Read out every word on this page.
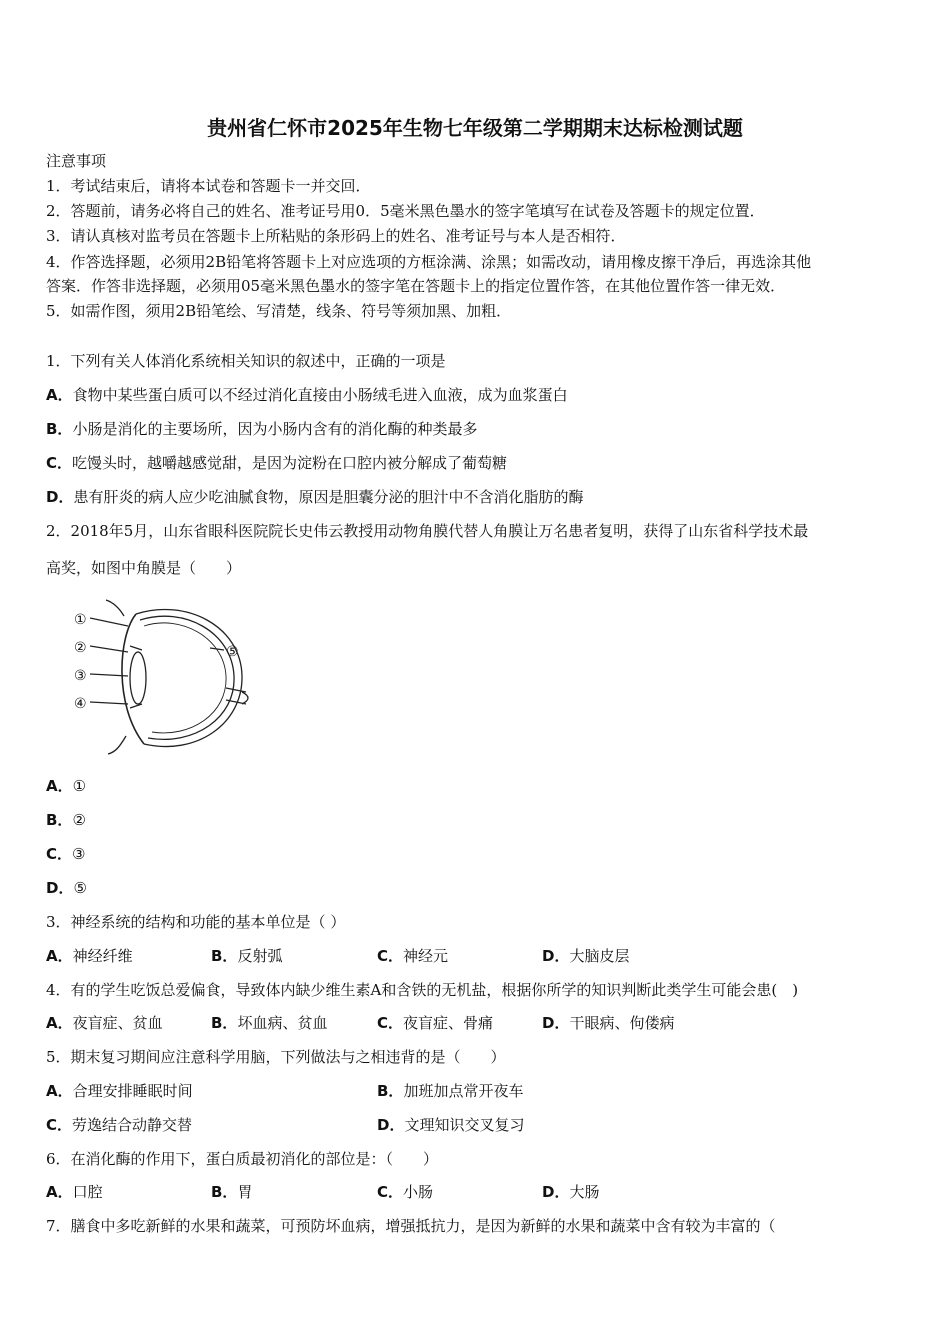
贵州省仁怀市2025年生物七年级第二学期期末达标检测试题
注意事项
1．考试结束后，请将本试卷和答题卡一并交回．
2．答题前，请务必将自己的姓名、准考证号用0．5毫米黑色墨水的签字笔填写在试卷及答题卡的规定位置．
3．请认真核对监考员在答题卡上所粘贴的条形码上的姓名、准考证号与本人是否相符．
4．作答选择题，必须用2B铅笔将答题卡上对应选项的方框涂满、涂黑；如需改动，请用橡皮擦干净后，再选涂其他
答案．作答非选择题，必须用05毫米黑色墨水的签字笔在答题卡上的指定位置作答，在其他位置作答一律无效．
5．如需作图，须用2B铅笔绘、写清楚，线条、符号等须加黑、加粗．
1．下列有关人体消化系统相关知识的叙述中，正确的一项是
A．食物中某些蛋白质可以不经过消化直接由小肠绒毛进入血液，成为血浆蛋白
B．小肠是消化的主要场所，因为小肠内含有的消化酶的种类最多
C．吃馒头时，越嚼越感觉甜，是因为淀粉在口腔内被分解成了葡萄糖
D．患有肝炎的病人应少吃油腻食物，原因是胆囊分泌的胆汁中不含消化脂肪的酶
2．2018年5月，山东省眼科医院院长史伟云教授用动物角膜代替人角膜让万名患者复明，获得了山东省科学技术最
高奖，如图中角膜是（　　）
①
②
③
④
⑤
A．①
B．②
C．③
D．⑤
3．神经系统的结构和功能的基本单位是（ ）
A．神经纤维	B．反射弧	C．神经元	D．大脑皮层
4．有的学生吃饭总爱偏食，导致体内缺少维生素A和含铁的无机盐，根据你所学的知识判断此类学生可能会患(　)
A．夜盲症、贫血	B．坏血病、贫血	C．夜盲症、骨痛	D．干眼病、佝偻病
5．期末复习期间应注意科学用脑，下列做法与之相违背的是（　　）
A．合理安排睡眠时间	B．加班加点常开夜车
C．劳逸结合动静交替	D．文理知识交叉复习
6．在消化酶的作用下，蛋白质最初消化的部位是：（　　）
A．口腔	B．胃	C．小肠	D．大肠
7．膳食中多吃新鲜的水果和蔬菜，可预防坏血病，增强抵抗力，是因为新鲜的水果和蔬菜中含有较为丰富的（
